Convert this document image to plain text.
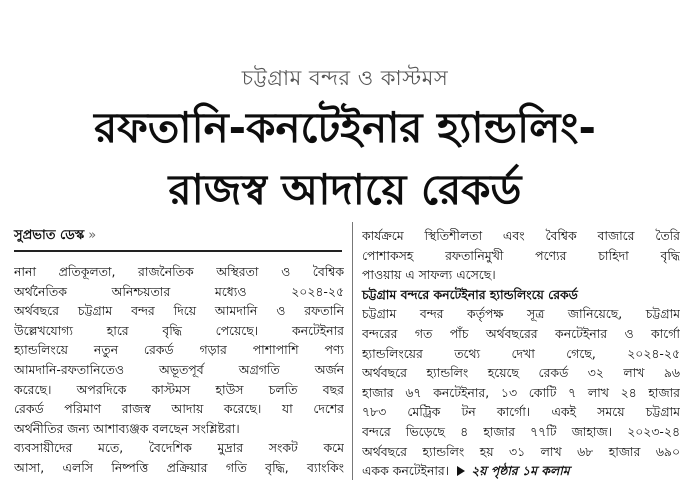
চট্টগ্রাম বন্দর ও কাস্টমস
রফতানি-কনটেইনার হ্যান্ডলিং-
রাজস্ব আদায়ে রেকর্ড
সুপ্রভাত ডেস্ক »
নানা প্রতিকূলতা, রাজনৈতিক অস্থিরতা ও বৈশ্বিক
অর্থনৈতিক অনিশ্চয়তার মধ্যেও ২০২৪-২৫
অর্থবছরে চট্টগ্রাম বন্দর দিয়ে আমদানি ও রফতানি
উল্লেখযোগ্য হারে বৃদ্ধি পেয়েছে। কনটেইনার
হ্যান্ডলিংয়ে নতুন রেকর্ড গড়ার পাশাপাশি পণ্য
আমদানি-রফতানিতেও অভূতপূর্ব অগ্রগতি অর্জন
করেছে। অপরদিকে কাস্টমস হাউস চলতি বছর
রেকর্ড পরিমাণ রাজস্ব আদায় করেছে। যা দেশের
অর্থনীতির জন্য আশাব্যঞ্জক বলছেন সংশ্লিষ্টরা।
ব্যবসায়ীদের মতে, বৈদেশিক মুদ্রার সংকট কমে
আসা, এলসি নিষ্পত্তি প্রক্রিয়ার গতি বৃদ্ধি, ব্যাংকিং
কার্যক্রমে স্থিতিশীলতা এবং বৈশ্বিক বাজারে তৈরি
পোশাকসহ রফতানিমুখী পণ্যের চাহিদা বৃদ্ধি
পাওয়ায় এ সাফল্য এসেছে।
চট্টগ্রাম বন্দরে কনটেইনার হ্যান্ডলিংয়ে রেকর্ড
চট্টগ্রাম বন্দর কর্তৃপক্ষ সূত্র জানিয়েছে, চট্টগ্রাম
বন্দরের গত পাঁচ অর্থবছরের কনটেইনার ও কার্গো
হ্যান্ডলিংয়ের তথ্যে দেখা গেছে, ২০২৪-২৫
অর্থবছরে হ্যান্ডলিং হয়েছে রেকর্ড ৩২ লাখ ৯৬
হাজার ৬৭ কনটেইনার, ১৩ কোটি ৭ লাখ ২৪ হাজার
৭৮৩ মেট্রিক টন কার্গো। একই সময়ে চট্টগ্রাম
বন্দরে ভিড়েছে ৪ হাজার ৭৭টি জাহাজ। ২০২৩-২৪
অর্থবছরে হ্যান্ডলিং হয় ৩১ লাখ ৬৮ হাজার ৬৯০
একক কনটেইনার। ২য় পৃষ্ঠার ১ম কলাম
